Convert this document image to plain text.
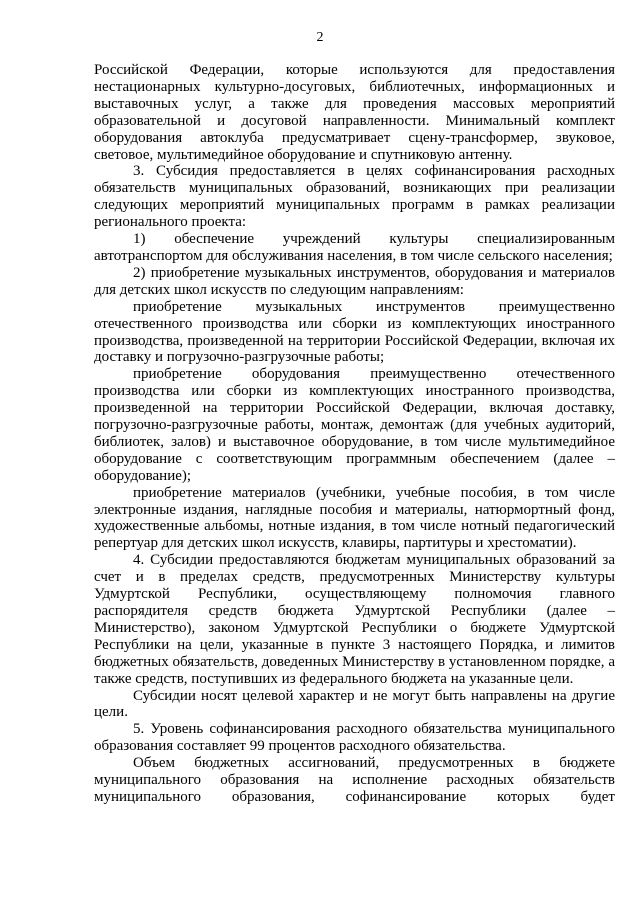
2

Российской Федерации, которые используются для предоставления нестационарных культурно-досуговых, библиотечных, информационных и выставочных услуг, а также для проведения массовых мероприятий образовательной и досуговой направленности. Минимальный комплект оборудования автоклуба предусматривает сцену-трансформер, звуковое, световое, мультимедийное оборудование и спутниковую антенну.

3. Субсидия предоставляется в целях софинансирования расходных обязательств муниципальных образований, возникающих при реализации следующих мероприятий муниципальных программ в рамках реализации регионального проекта:

1) обеспечение учреждений культуры специализированным автотранспортом для обслуживания населения, в том числе сельского населения;

2) приобретение музыкальных инструментов, оборудования и материалов для детских школ искусств по следующим направлениям:

приобретение музыкальных инструментов преимущественно отечественного производства или сборки из комплектующих иностранного производства, произведенной на территории Российской Федерации, включая их доставку и погрузочно-разгрузочные работы;

приобретение оборудования преимущественно отечественного производства или сборки из комплектующих иностранного производства, произведенной на территории Российской Федерации, включая доставку, погрузочно-разгрузочные работы, монтаж, демонтаж (для учебных аудиторий, библиотек, залов) и выставочное оборудование, в том числе мультимедийное оборудование с соответствующим программным обеспечением (далее – оборудование);

приобретение материалов (учебники, учебные пособия, в том числе электронные издания, наглядные пособия и материалы, натюрмортный фонд, художественные альбомы, нотные издания, в том числе нотный педагогический репертуар для детских школ искусств, клавиры, партитуры и хрестоматии).

4. Субсидии предоставляются бюджетам муниципальных образований за счет и в пределах средств, предусмотренных Министерству культуры Удмуртской Республики, осуществляющему полномочия главного распорядителя средств бюджета Удмуртской Республики (далее – Министерство), законом Удмуртской Республики о бюджете Удмуртской Республики на цели, указанные в пункте 3 настоящего Порядка, и лимитов бюджетных обязательств, доведенных Министерству в установленном порядке, а также средств, поступивших из федерального бюджета на указанные цели.

Субсидии носят целевой характер и не могут быть направлены на другие цели.

5. Уровень софинансирования расходного обязательства муниципального образования составляет 99 процентов расходного обязательства.

Объем бюджетных ассигнований, предусмотренных в бюджете муниципального образования на исполнение расходных обязательств муниципального образования, софинансирование которых будет
